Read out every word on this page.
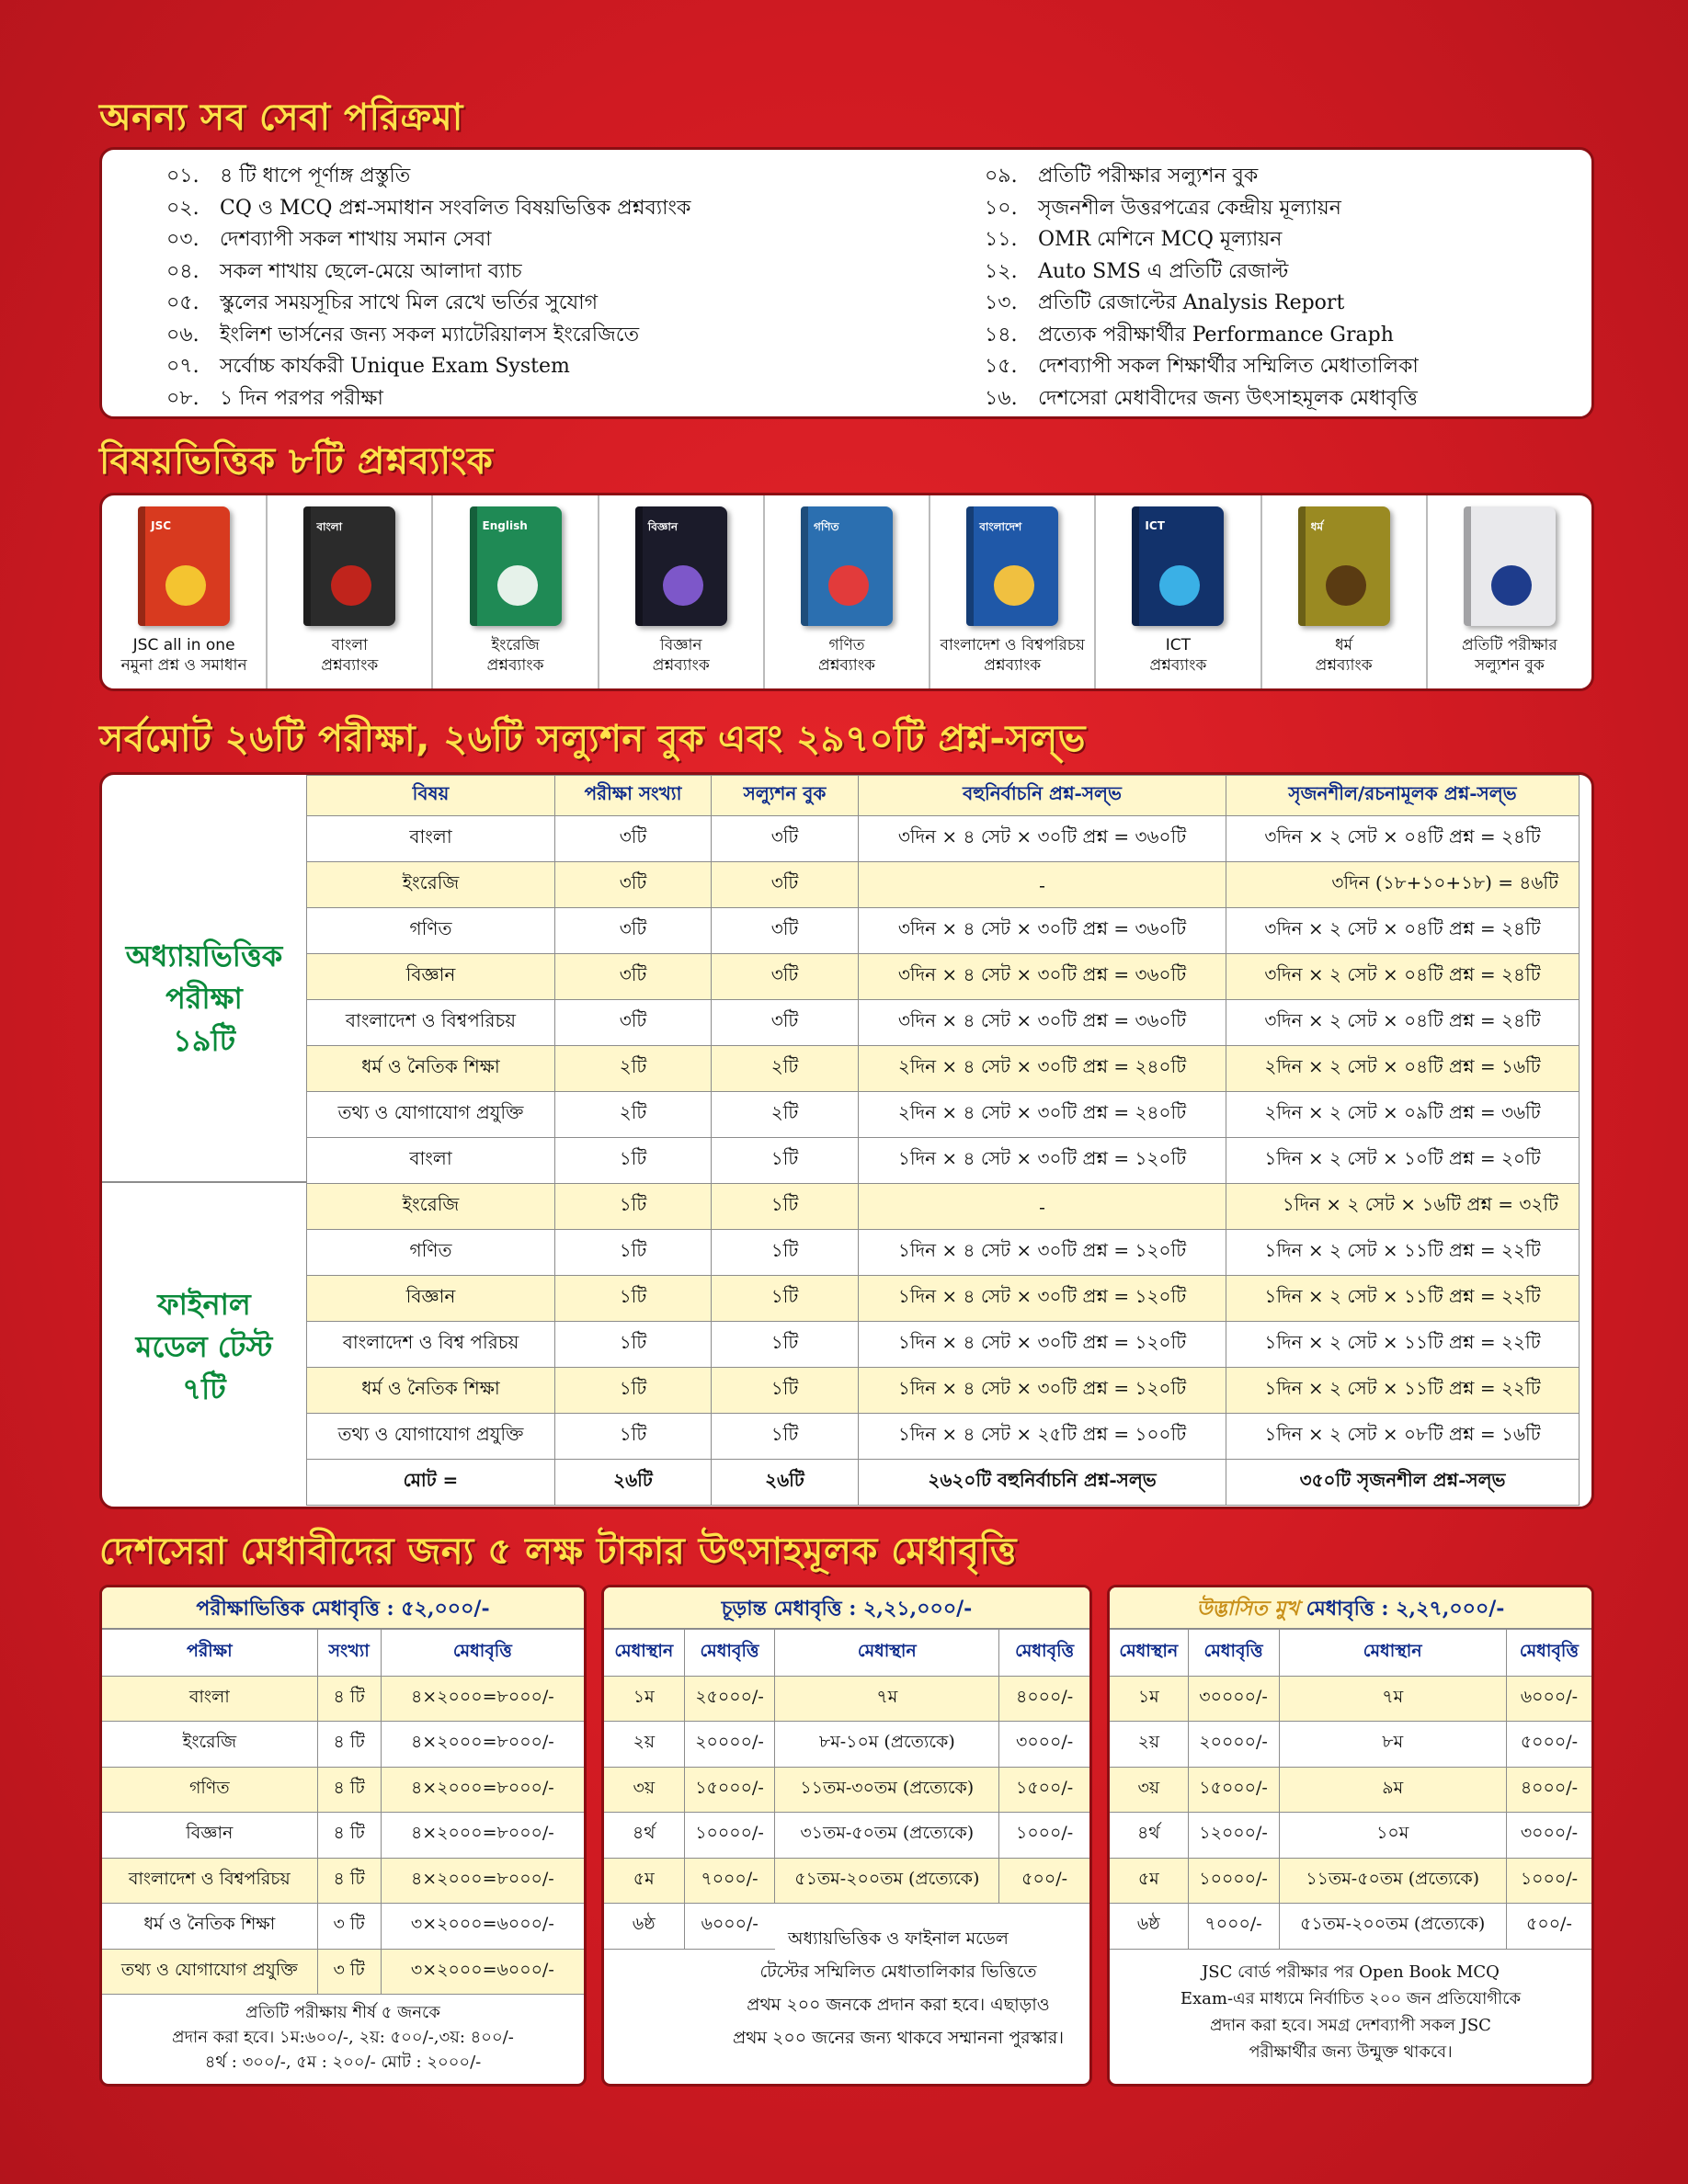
অনন্য সব সেবা পরিক্রমা
০১. ৪ টি ধাপে পূর্ণাঙ্গ প্রস্তুতি
০২. CQ ও MCQ প্রশ্ন-সমাধান সংবলিত বিষয়ভিত্তিক প্রশ্নব্যাংক
০৩. দেশব্যাপী সকল শাখায় সমান সেবা
০৪. সকল শাখায় ছেলে-মেয়ে আলাদা ব্যাচ
০৫. স্কুলের সময়সূচির সাথে মিল রেখে ভর্তির সুযোগ
০৬. ইংলিশ ভার্সনের জন্য সকল ম্যাটেরিয়ালস ইংরেজিতে
০৭. সর্বোচ্চ কার্যকরী Unique Exam System
০৮. ১ দিন পরপর পরীক্ষা
০৯. প্রতিটি পরীক্ষার সল্যুশন বুক
১০. সৃজনশীল উত্তরপত্রের কেন্দ্রীয় মূল্যায়ন
১১. OMR মেশিনে MCQ মূল্যায়ন
১২. Auto SMS এ প্রতিটি রেজাল্ট
১৩. প্রতিটি রেজাল্টের Analysis Report
১৪. প্রত্যেক পরীক্ষার্থীর Performance Graph
১৫. দেশব্যাপী সকল শিক্ষার্থীর সম্মিলিত মেধাতালিকা
১৬. দেশসেরা মেধাবীদের জন্য উৎসাহমূলক মেধাবৃত্তি
বিষয়ভিত্তিক ৮টি প্রশ্নব্যাংক
JSC
JSC all in one
নমুনা প্রশ্ন ও সমাধান
বাংলা
বাংলা
প্রশ্নব্যাংক
English
ইংরেজি
প্রশ্নব্যাংক
বিজ্ঞান
বিজ্ঞান
প্রশ্নব্যাংক
গণিত
গণিত
প্রশ্নব্যাংক
বাংলাদেশ
বাংলাদেশ ও বিশ্বপরিচয়
প্রশ্নব্যাংক
ICT
ICT
প্রশ্নব্যাংক
ধর্ম
ধর্ম
প্রশ্নব্যাংক
প্রতিটি পরীক্ষার
সল্যুশন বুক
সর্বমোট ২৬টি পরীক্ষা, ২৬টি সল্যুশন বুক এবং ২৯৭০টি প্রশ্ন-সল্ভ
অধ্যায়ভিত্তিক
পরীক্ষা
১৯টি
ফাইনাল
মডেল টেস্ট
৭টি
বিষয়	পরীক্ষা সংখ্যা	সল্যুশন বুক	বহুনির্বাচনি প্রশ্ন-সল্ভ	সৃজনশীল/রচনামূলক প্রশ্ন-সল্ভ
বাংলা	৩টি	৩টি	৩দিন × ৪ সেট × ৩০টি প্রশ্ন = ৩৬০টি	৩দিন × ২ সেট × ০৪টি প্রশ্ন = ২৪টি
ইংরেজি	৩টি	৩টি	-	৩দিন (১৮+১০+১৮) = ৪৬টি
গণিত	৩টি	৩টি	৩দিন × ৪ সেট × ৩০টি প্রশ্ন = ৩৬০টি	৩দিন × ২ সেট × ০৪টি প্রশ্ন = ২৪টি
বিজ্ঞান	৩টি	৩টি	৩দিন × ৪ সেট × ৩০টি প্রশ্ন = ৩৬০টি	৩দিন × ২ সেট × ০৪টি প্রশ্ন = ২৪টি
বাংলাদেশ ও বিশ্বপরিচয়	৩টি	৩টি	৩দিন × ৪ সেট × ৩০টি প্রশ্ন = ৩৬০টি	৩দিন × ২ সেট × ০৪টি প্রশ্ন = ২৪টি
ধর্ম ও নৈতিক শিক্ষা	২টি	২টি	২দিন × ৪ সেট × ৩০টি প্রশ্ন = ২৪০টি	২দিন × ২ সেট × ০৪টি প্রশ্ন = ১৬টি
তথ্য ও যোগাযোগ প্রযুক্তি	২টি	২টি	২দিন × ৪ সেট × ৩০টি প্রশ্ন = ২৪০টি	২দিন × ২ সেট × ০৯টি প্রশ্ন = ৩৬টি
বাংলা	১টি	১টি	১দিন × ৪ সেট × ৩০টি প্রশ্ন = ১২০টি	১দিন × ২ সেট × ১০টি প্রশ্ন = ২০টি
ইংরেজি	১টি	১টি	-	১দিন × ২ সেট × ১৬টি প্রশ্ন = ৩২টি
গণিত	১টি	১টি	১দিন × ৪ সেট × ৩০টি প্রশ্ন = ১২০টি	১দিন × ২ সেট × ১১টি প্রশ্ন = ২২টি
বিজ্ঞান	১টি	১টি	১দিন × ৪ সেট × ৩০টি প্রশ্ন = ১২০টি	১দিন × ২ সেট × ১১টি প্রশ্ন = ২২টি
বাংলাদেশ ও বিশ্ব পরিচয়	১টি	১টি	১দিন × ৪ সেট × ৩০টি প্রশ্ন = ১২০টি	১দিন × ২ সেট × ১১টি প্রশ্ন = ২২টি
ধর্ম ও নৈতিক শিক্ষা	১টি	১টি	১দিন × ৪ সেট × ৩০টি প্রশ্ন = ১২০টি	১দিন × ২ সেট × ১১টি প্রশ্ন = ২২টি
তথ্য ও যোগাযোগ প্রযুক্তি	১টি	১টি	১দিন × ৪ সেট × ২৫টি প্রশ্ন = ১০০টি	১দিন × ২ সেট × ০৮টি প্রশ্ন = ১৬টি
মোট =	২৬টি	২৬টি	২৬২০টি বহুনির্বাচনি প্রশ্ন-সল্ভ	৩৫০টি সৃজনশীল প্রশ্ন-সল্ভ
দেশসেরা মেধাবীদের জন্য ৫ লক্ষ টাকার উৎসাহমূলক মেধাবৃত্তি
পরীক্ষাভিত্তিক মেধাবৃত্তি : ৫২,০০০/-
পরীক্ষা	সংখ্যা	মেধাবৃত্তি
বাংলা	৪ টি	৪×২০০০=৮০০০/-
ইংরেজি	৪ টি	৪×২০০০=৮০০০/-
গণিত	৪ টি	৪×২০০০=৮০০০/-
বিজ্ঞান	৪ টি	৪×২০০০=৮০০০/-
বাংলাদেশ ও বিশ্বপরিচয়	৪ টি	৪×২০০০=৮০০০/-
ধর্ম ও নৈতিক শিক্ষা	৩ টি	৩×২০০০=৬০০০/-
তথ্য ও যোগাযোগ প্রযুক্তি	৩ টি	৩×২০০০=৬০০০/-
প্রতিটি পরীক্ষায় শীর্ষ ৫ জনকে
প্রদান করা হবে। ১ম:৬০০/-, ২য়: ৫০০/-,৩য়: ৪০০/-
৪র্থ : ৩০০/-, ৫ম : ২০০/- মোট : ২০০০/-
চূড়ান্ত মেধাবৃত্তি : ২,২১,০০০/-
মেধাস্থান	মেধাবৃত্তি	মেধাস্থান	মেধাবৃত্তি
১ম	২৫০০০/-	৭ম	৪০০০/-
২য়	২০০০০/-	৮ম-১০ম (প্রত্যেকে)	৩০০০/-
৩য়	১৫০০০/-	১১তম-৩০তম (প্রত্যেকে)	১৫০০/-
৪র্থ	১০০০০/-	৩১তম-৫০তম (প্রত্যেকে)	১০০০/-
৫ম	৭০০০/-	৫১তম-২০০তম (প্রত্যেকে)	৫০০/-
৬ষ্ঠ	৬০০০/-		
অধ্যায়ভিত্তিক ও ফাইনাল মডেল
টেস্টের সম্মিলিত মেধাতালিকার ভিত্তিতে
প্রথম ২০০ জনকে প্রদান করা হবে। এছাড়াও
প্রথম ২০০ জনের জন্য থাকবে সম্মাননা পুরস্কার।
উদ্ভাসিত মুখ মেধাবৃত্তি : ২,২৭,০০০/-
মেধাস্থান	মেধাবৃত্তি	মেধাস্থান	মেধাবৃত্তি
১ম	৩০০০০/-	৭ম	৬০০০/-
২য়	২০০০০/-	৮ম	৫০০০/-
৩য়	১৫০০০/-	৯ম	৪০০০/-
৪র্থ	১২০০০/-	১০ম	৩০০০/-
৫ম	১০০০০/-	১১তম-৫০তম (প্রত্যেকে)	১০০০/-
৬ষ্ঠ	৭০০০/-	৫১তম-২০০তম (প্রত্যেকে)	৫০০/-
JSC বোর্ড পরীক্ষার পর Open Book MCQ
Exam-এর মাধ্যমে নির্বাচিত ২০০ জন প্রতিযোগীকে
প্রদান করা হবে। সমগ্র দেশব্যাপী সকল JSC
পরীক্ষার্থীর জন্য উন্মুক্ত থাকবে।
